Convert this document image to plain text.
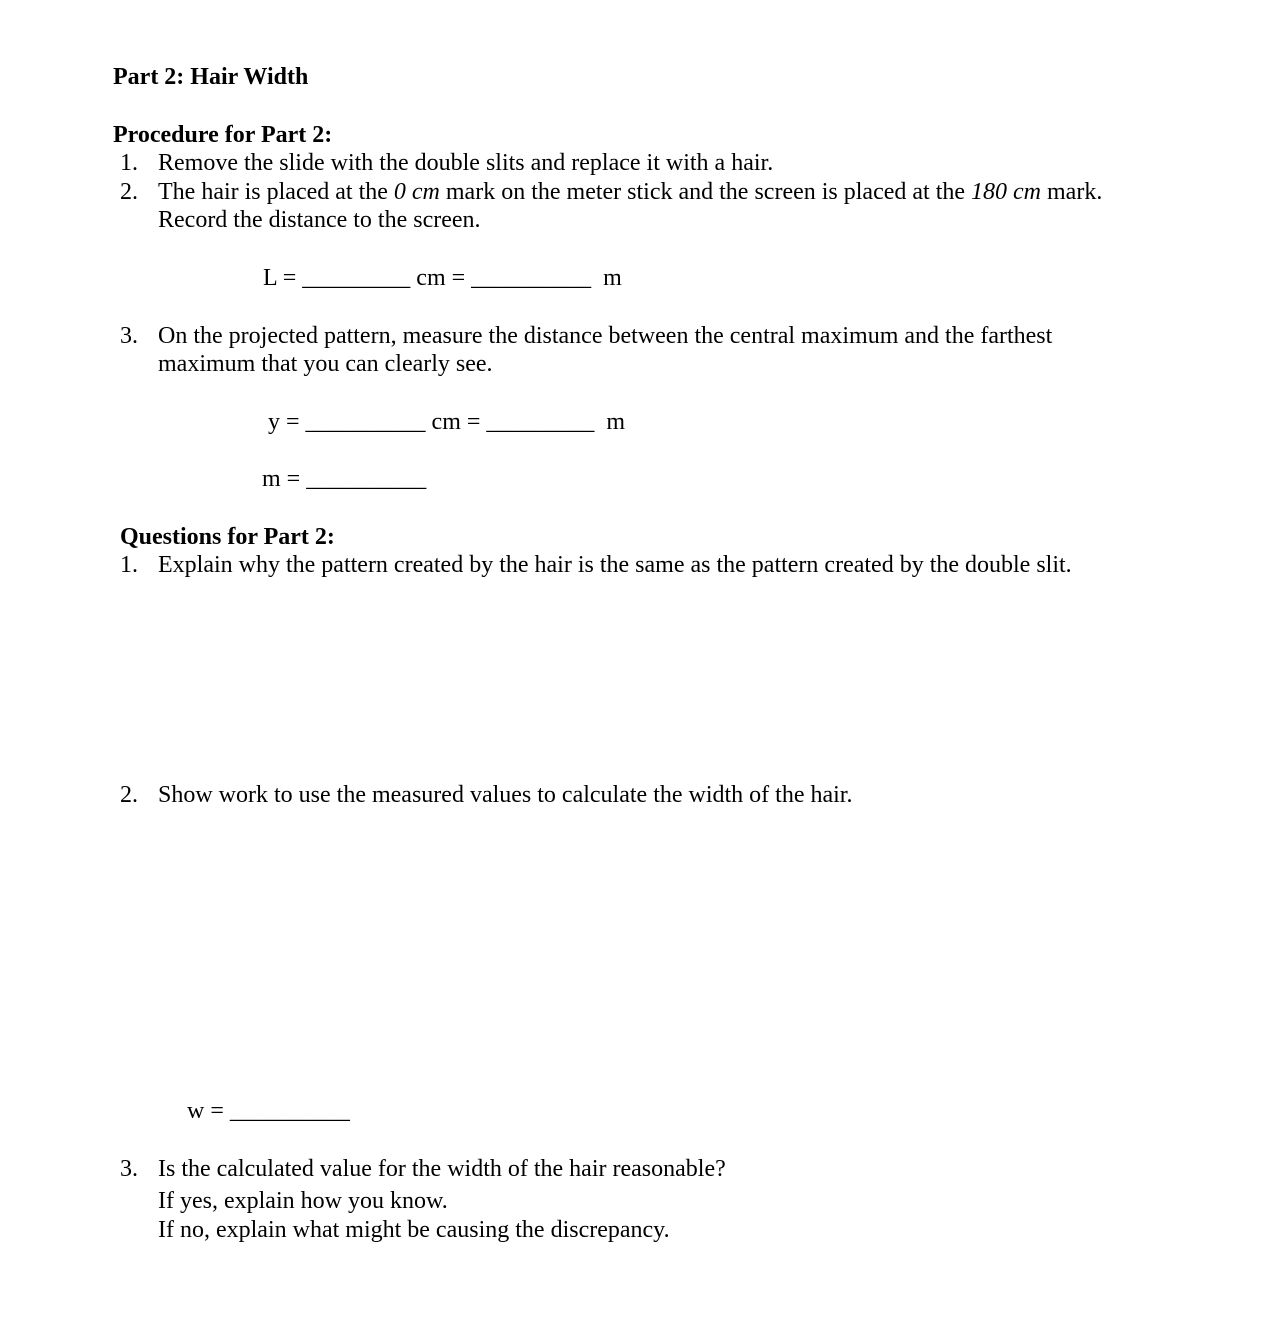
Part 2: Hair Width
Procedure for Part 2:
1. Remove the slide with the double slits and replace it with a hair.
2. The hair is placed at the 0 cm mark on the meter stick and the screen is placed at the 180 cm mark.
Record the distance to the screen.
L = _________ cm = __________  m
3. On the projected pattern, measure the distance between the central maximum and the farthest
maximum that you can clearly see.
y = __________ cm = _________  m
m = __________
Questions for Part 2:
1. Explain why the pattern created by the hair is the same as the pattern created by the double slit.
2. Show work to use the measured values to calculate the width of the hair.
w = __________
3. Is the calculated value for the width of the hair reasonable?
If yes, explain how you know.
If no, explain what might be causing the discrepancy.
